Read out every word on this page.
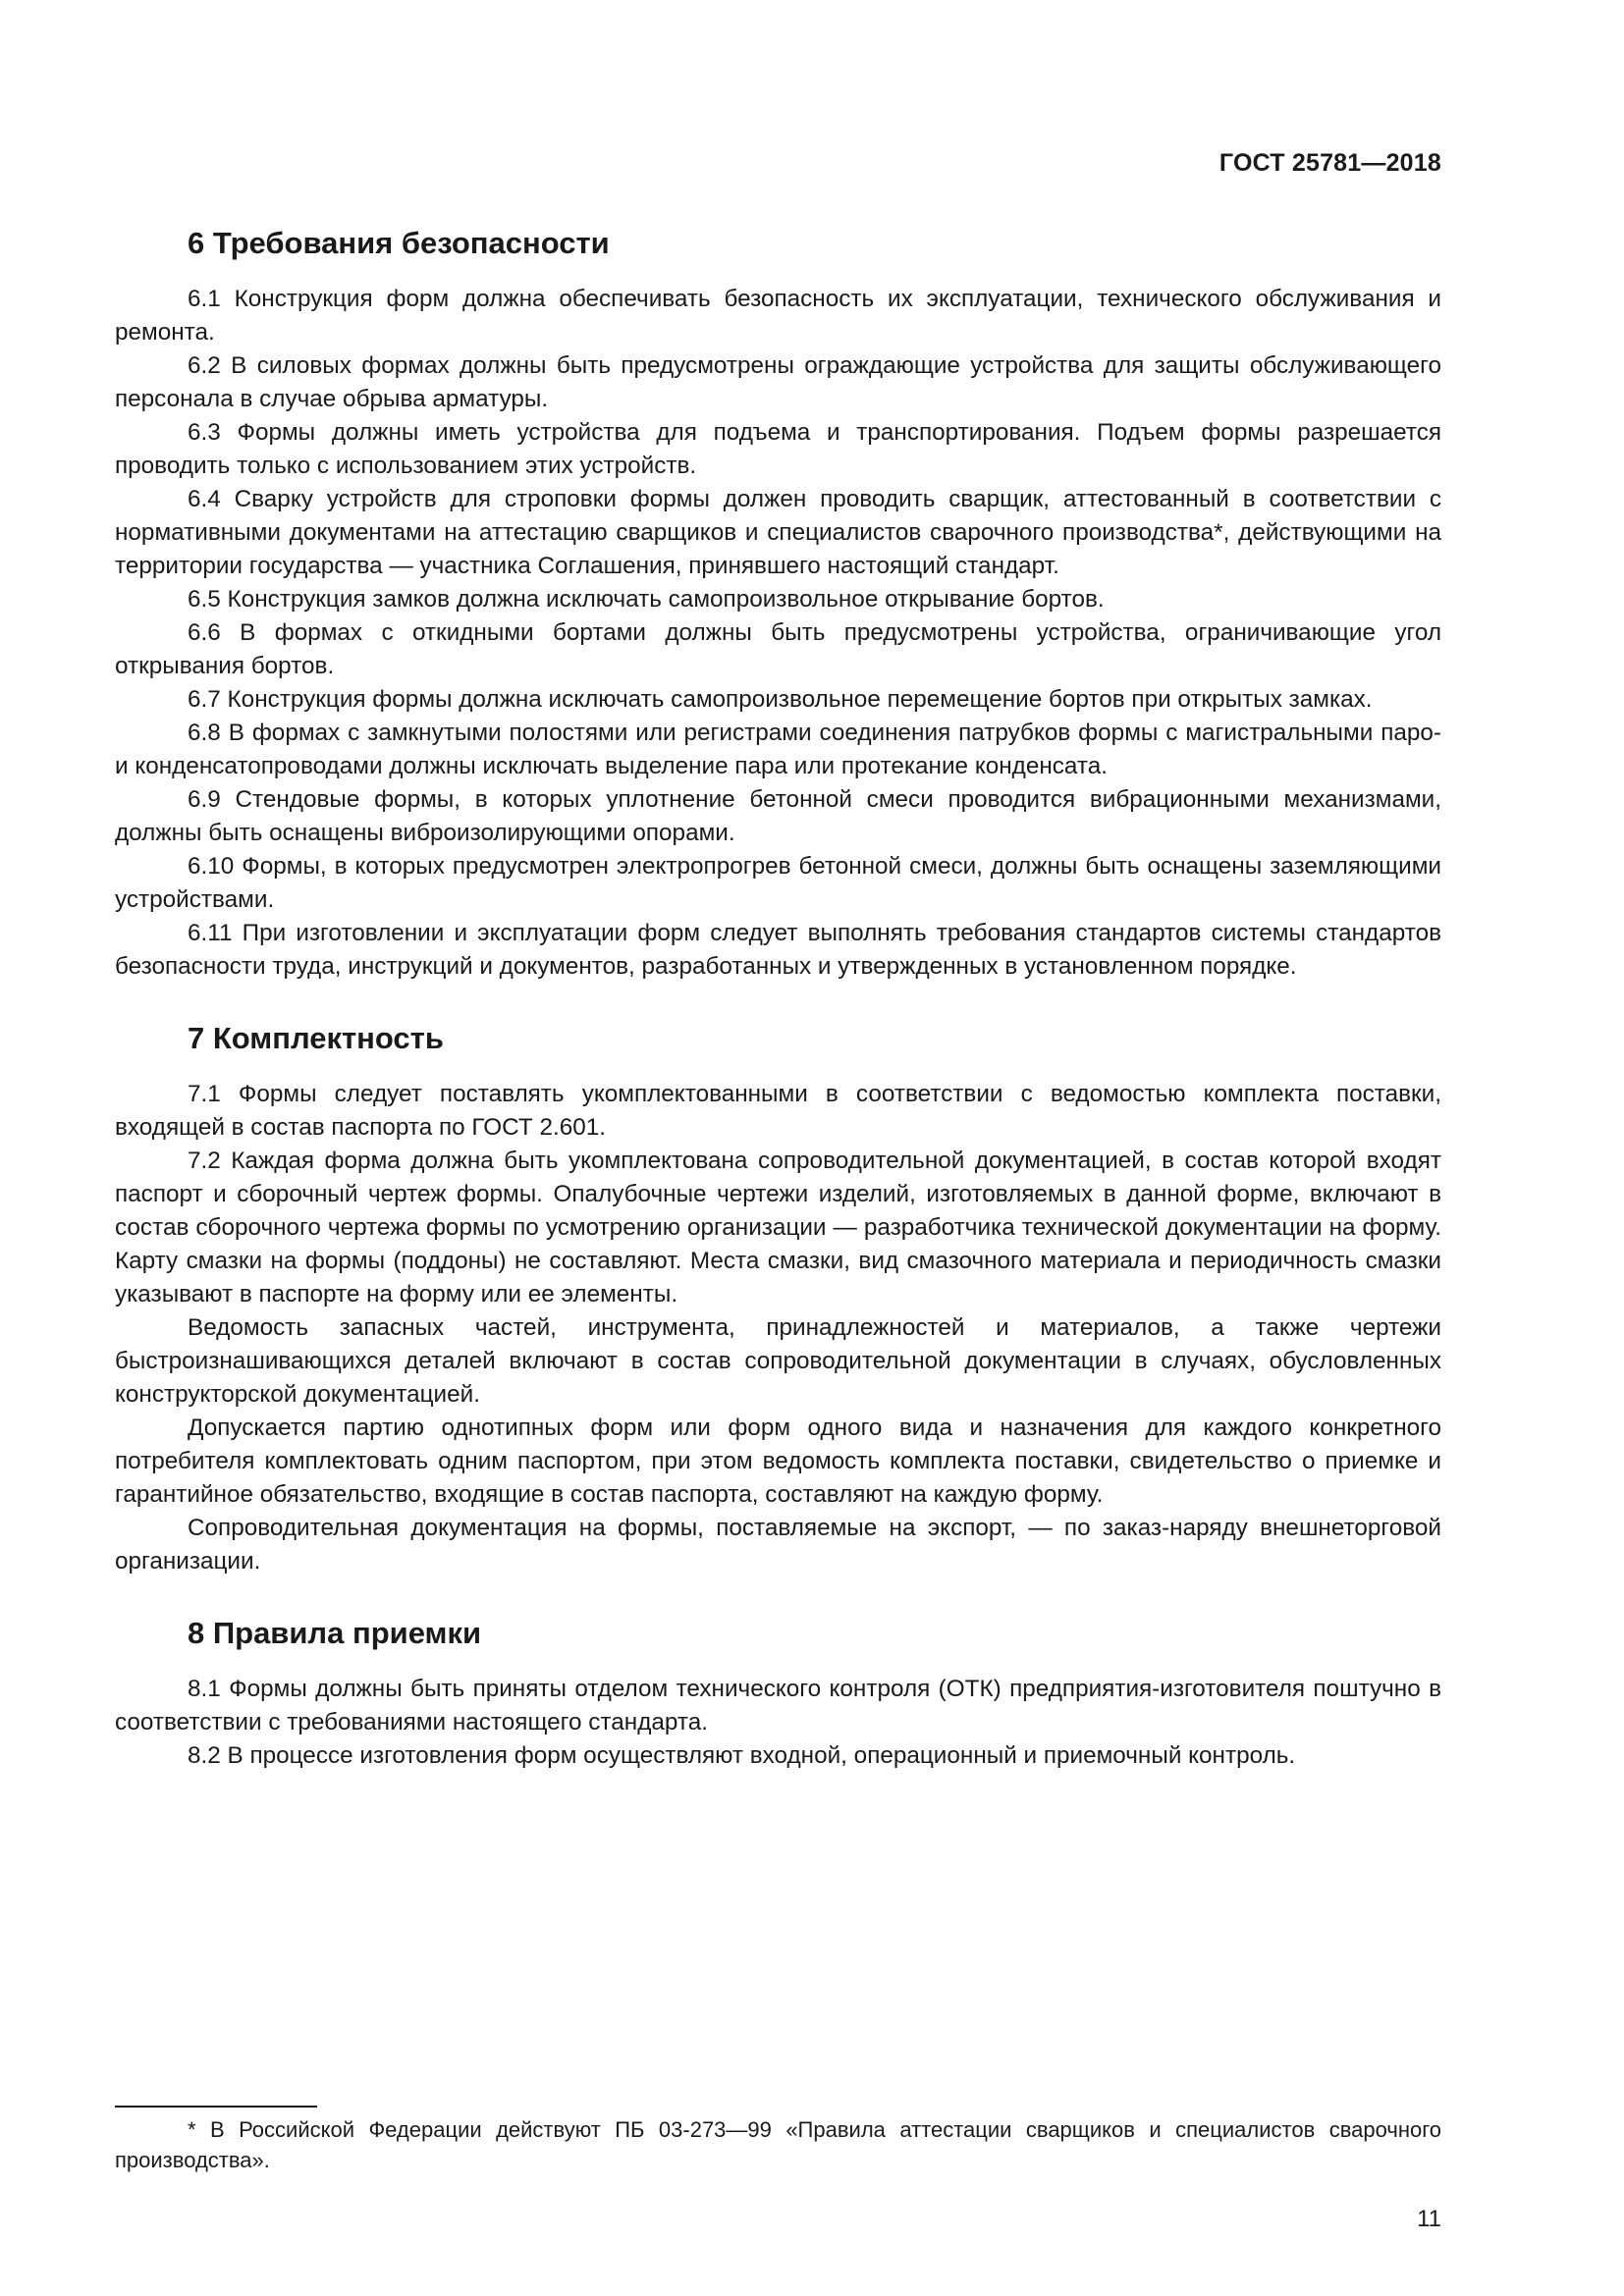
ГОСТ 25781—2018
6 Требования безопасности

6.1 Конструкция форм должна обеспечивать безопасность их эксплуатации, технического обслуживания и ремонта.

6.2 В силовых формах должны быть предусмотрены ограждающие устройства для защиты обслуживающего персонала в случае обрыва арматуры.

6.3 Формы должны иметь устройства для подъема и транспортирования. Подъем формы разрешается проводить только с использованием этих устройств.

6.4 Сварку устройств для строповки формы должен проводить сварщик, аттестованный в соответствии с нормативными документами на аттестацию сварщиков и специалистов сварочного производства*, действующими на территории государства — участника Соглашения, принявшего настоящий стандарт.

6.5 Конструкция замков должна исключать самопроизвольное открывание бортов.

6.6 В формах с откидными бортами должны быть предусмотрены устройства, ограничивающие угол открывания бортов.

6.7 Конструкция формы должна исключать самопроизвольное перемещение бортов при открытых замках.

6.8 В формах с замкнутыми полостями или регистрами соединения патрубков формы с магистральными паро- и конденсатопроводами должны исключать выделение пара или протекание конденсата.

6.9 Стендовые формы, в которых уплотнение бетонной смеси проводится вибрационными механизмами, должны быть оснащены виброизолирующими опорами.

6.10 Формы, в которых предусмотрен электропрогрев бетонной смеси, должны быть оснащены заземляющими устройствами.

6.11 При изготовлении и эксплуатации форм следует выполнять требования стандартов системы стандартов безопасности труда, инструкций и документов, разработанных и утвержденных в установленном порядке.

7 Комплектность

7.1 Формы следует поставлять укомплектованными в соответствии с ведомостью комплекта поставки, входящей в состав паспорта по ГОСТ 2.601.

7.2 Каждая форма должна быть укомплектована сопроводительной документацией, в состав которой входят паспорт и сборочный чертеж формы. Опалубочные чертежи изделий, изготовляемых в данной форме, включают в состав сборочного чертежа формы по усмотрению организации — разработчика технической документации на форму. Карту смазки на формы (поддоны) не составляют. Места смазки, вид смазочного материала и периодичность смазки указывают в паспорте на форму или ее элементы.

Ведомость запасных частей, инструмента, принадлежностей и материалов, а также чертежи быстроизнашивающихся деталей включают в состав сопроводительной документации в случаях, обусловленных конструкторской документацией.

Допускается партию однотипных форм или форм одного вида и назначения для каждого конкретного потребителя комплектовать одним паспортом, при этом ведомость комплекта поставки, свидетельство о приемке и гарантийное обязательство, входящие в состав паспорта, составляют на каждую форму.

Сопроводительная документация на формы, поставляемые на экспорт, — по заказ-наряду внешнеторговой организации.

8 Правила приемки

8.1 Формы должны быть приняты отделом технического контроля (ОТК) предприятия-изготовителя поштучно в соответствии с требованиями настоящего стандарта.

8.2 В процессе изготовления форм осуществляют входной, операционный и приемочный контроль.

* В Российской Федерации действуют ПБ 03-273—99 «Правила аттестации сварщиков и специалистов сварочного производства».
11
